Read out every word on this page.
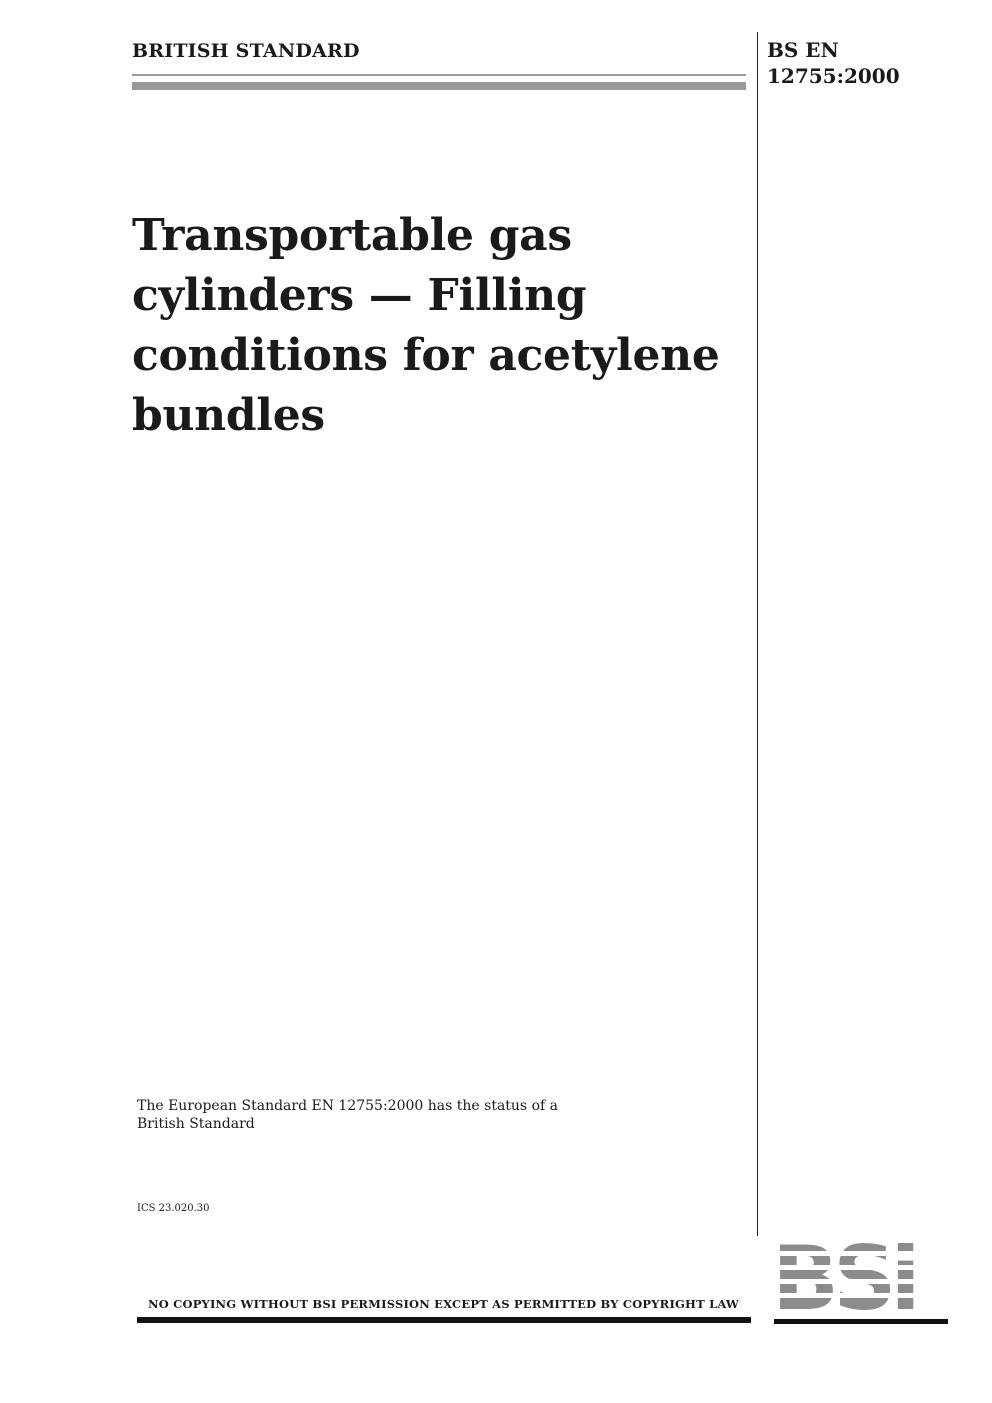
BRITISH STANDARD	BS EN
12755:2000
Transportable gas
cylinders — Filling
conditions for acetylene
bundles
The European Standard EN 12755:2000 has the status of a
British Standard
ICS 23.020.30
NO COPYING WITHOUT BSI PERMISSION EXCEPT AS PERMITTED BY COPYRIGHT LAW
